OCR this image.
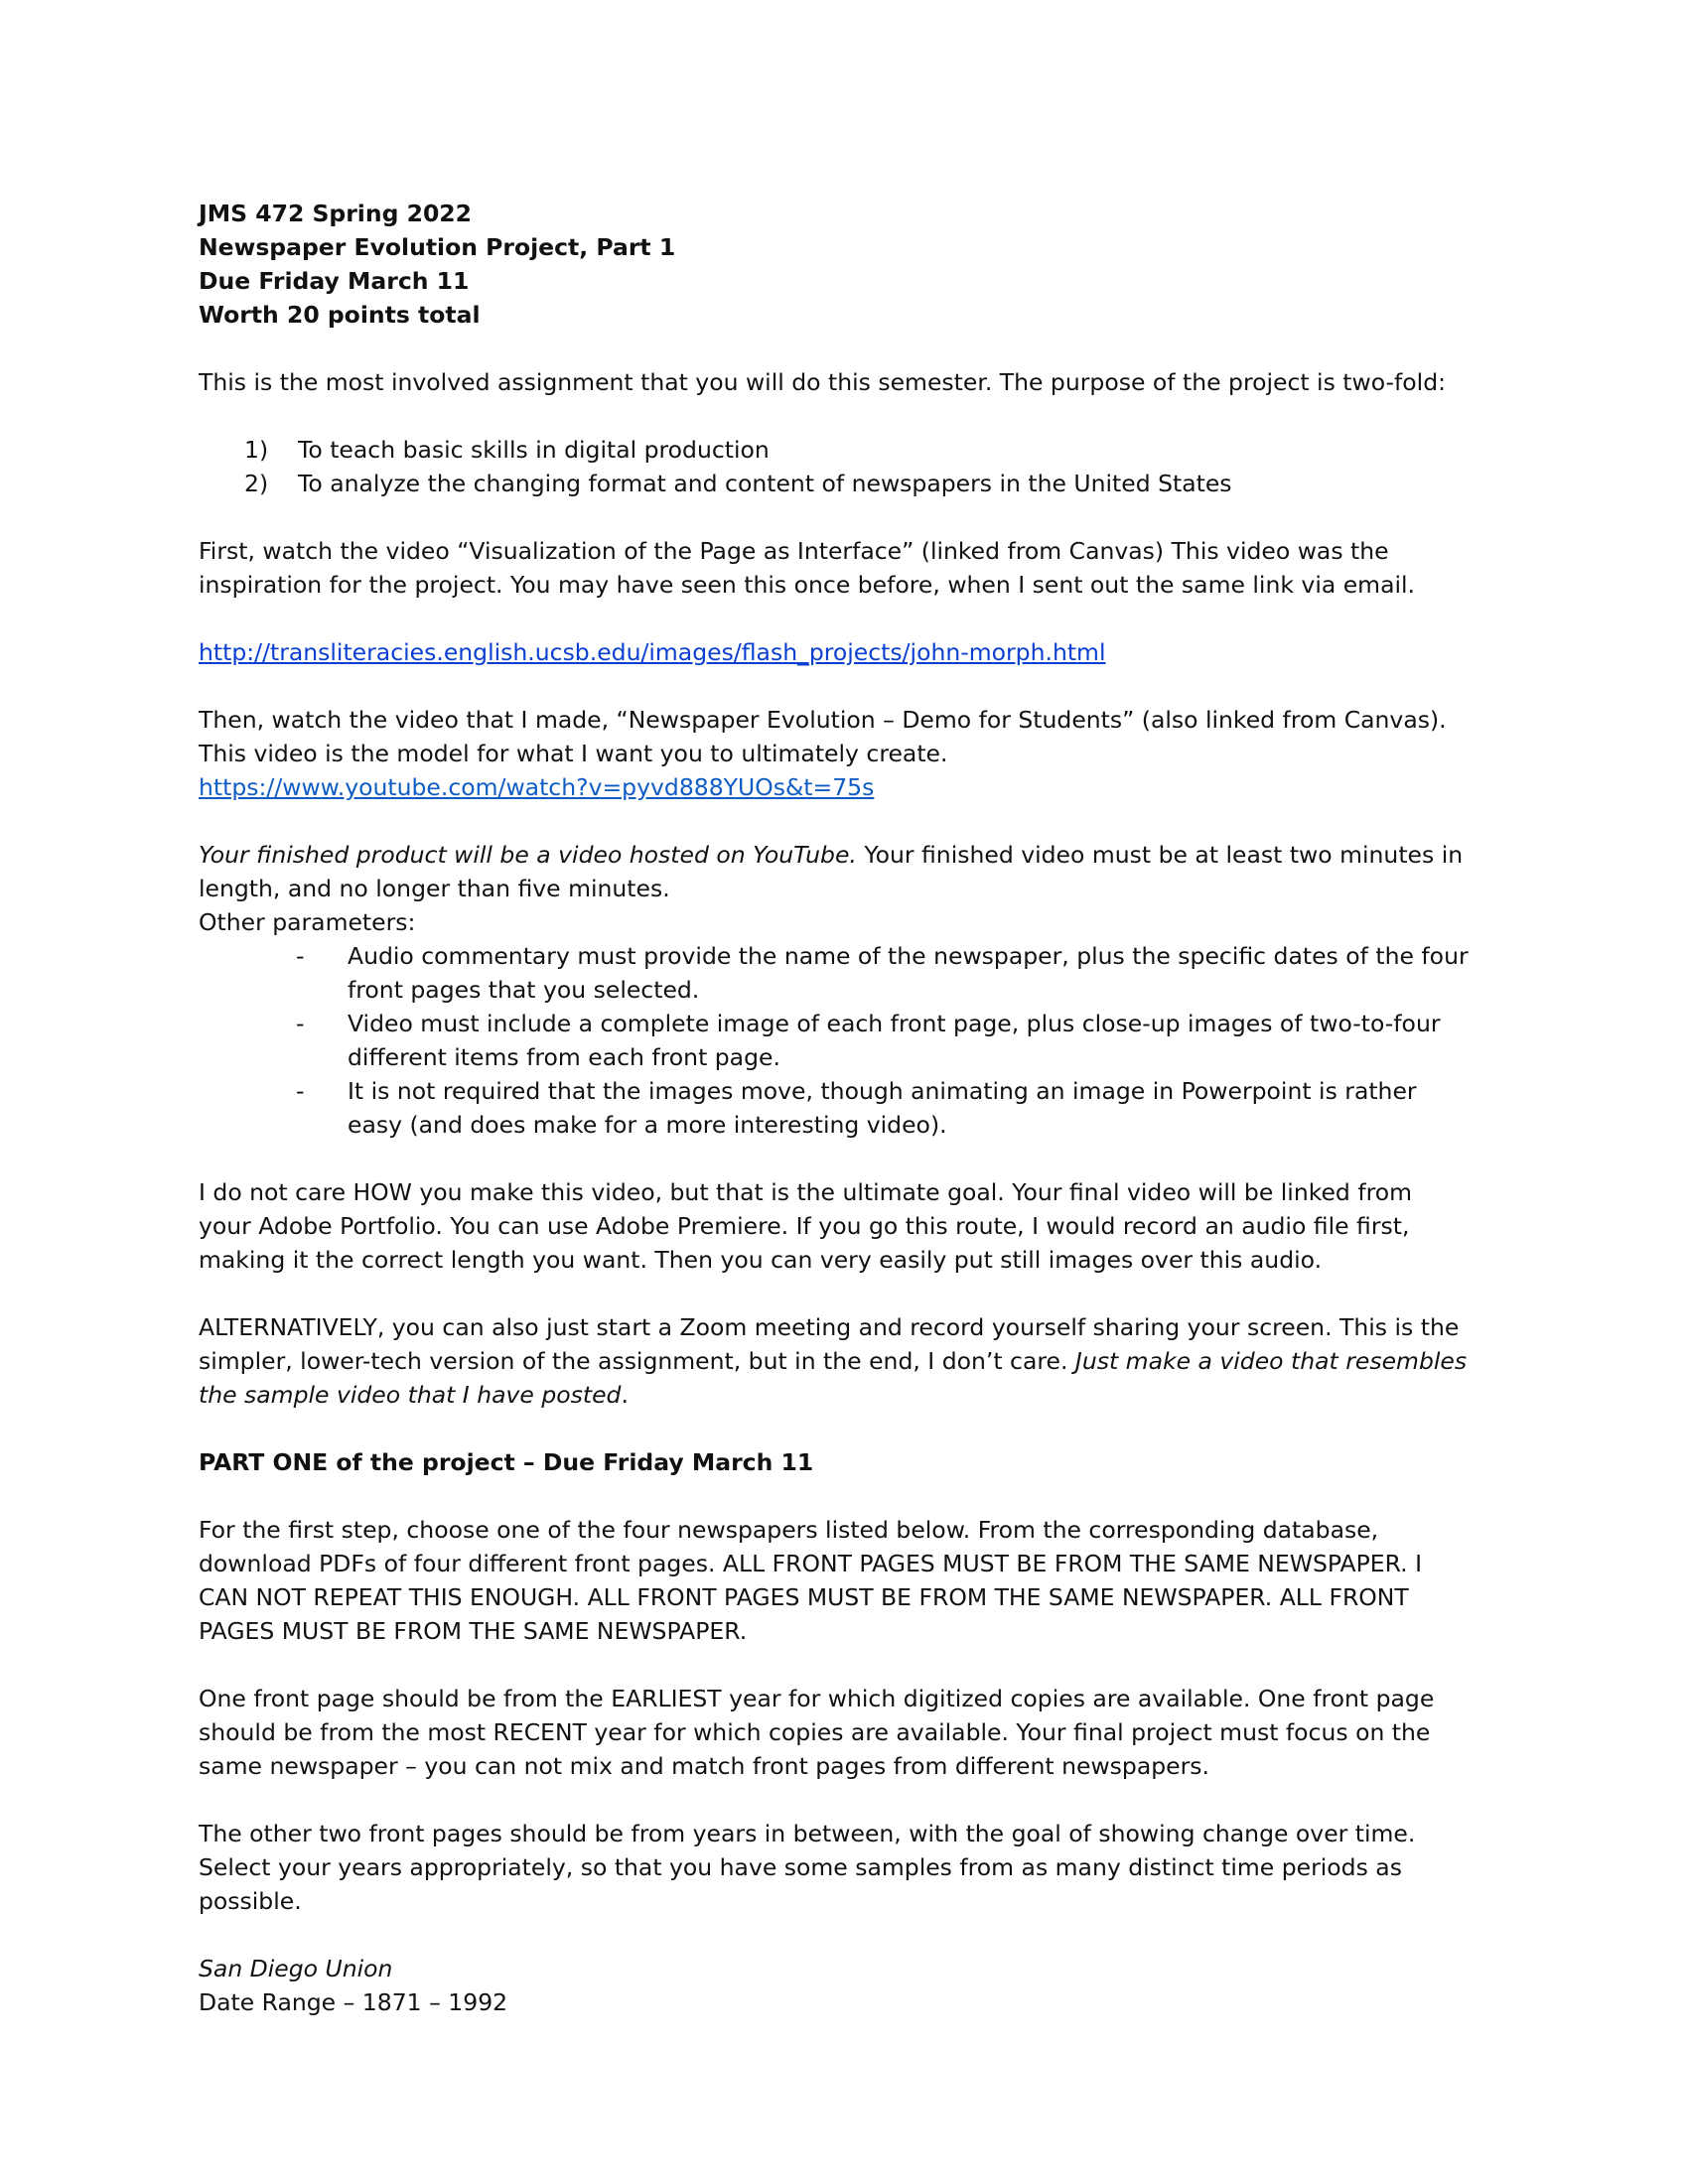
JMS 472 Spring 2022

Newspaper Evolution Project, Part 1

Due Friday March 11

Worth 20 points total

This is the most involved assignment that you will do this semester. The purpose of the project is two-fold:

1)	To teach basic skills in digital production
2)	To analyze the changing format and content of newspapers in the United States

First, watch the video “Visualization of the Page as Interface” (linked from Canvas) This video was the inspiration for the project. You may have seen this once before, when I sent out the same link via email.

http://transliteracies.english.ucsb.edu/images/flash_projects/john-morph.html

Then, watch the video that I made, “Newspaper Evolution – Demo for Students” (also linked from Canvas). This video is the model for what I want you to ultimately create.

https://www.youtube.com/watch?v=pyvd888YUOs&t=75s

Your finished product will be a video hosted on YouTube. Your finished video must be at least two minutes in length, and no longer than five minutes.

Other parameters:

-	Audio commentary must provide the name of the newspaper, plus the specific dates of the four front pages that you selected.
-	Video must include a complete image of each front page, plus close-up images of two-to-four different items from each front page.
-	It is not required that the images move, though animating an image in Powerpoint is rather easy (and does make for a more interesting video).

I do not care HOW you make this video, but that is the ultimate goal. Your final video will be linked from your Adobe Portfolio. You can use Adobe Premiere. If you go this route, I would record an audio file first, making it the correct length you want. Then you can very easily put still images over this audio.

ALTERNATIVELY, you can also just start a Zoom meeting and record yourself sharing your screen. This is the simpler, lower-tech version of the assignment, but in the end, I don’t care. Just make a video that resembles the sample video that I have posted.

PART ONE of the project – Due Friday March 11

For the first step, choose one of the four newspapers listed below. From the corresponding database, download PDFs of four different front pages. ALL FRONT PAGES MUST BE FROM THE SAME NEWSPAPER. I CAN NOT REPEAT THIS ENOUGH. ALL FRONT PAGES MUST BE FROM THE SAME NEWSPAPER. ALL FRONT PAGES MUST BE FROM THE SAME NEWSPAPER.

One front page should be from the EARLIEST year for which digitized copies are available. One front page should be from the most RECENT year for which copies are available. Your final project must focus on the same newspaper – you can not mix and match front pages from different newspapers.

The other two front pages should be from years in between, with the goal of showing change over time. Select your years appropriately, so that you have some samples from as many distinct time periods as possible.

San Diego Union

Date Range – 1871 – 1992
